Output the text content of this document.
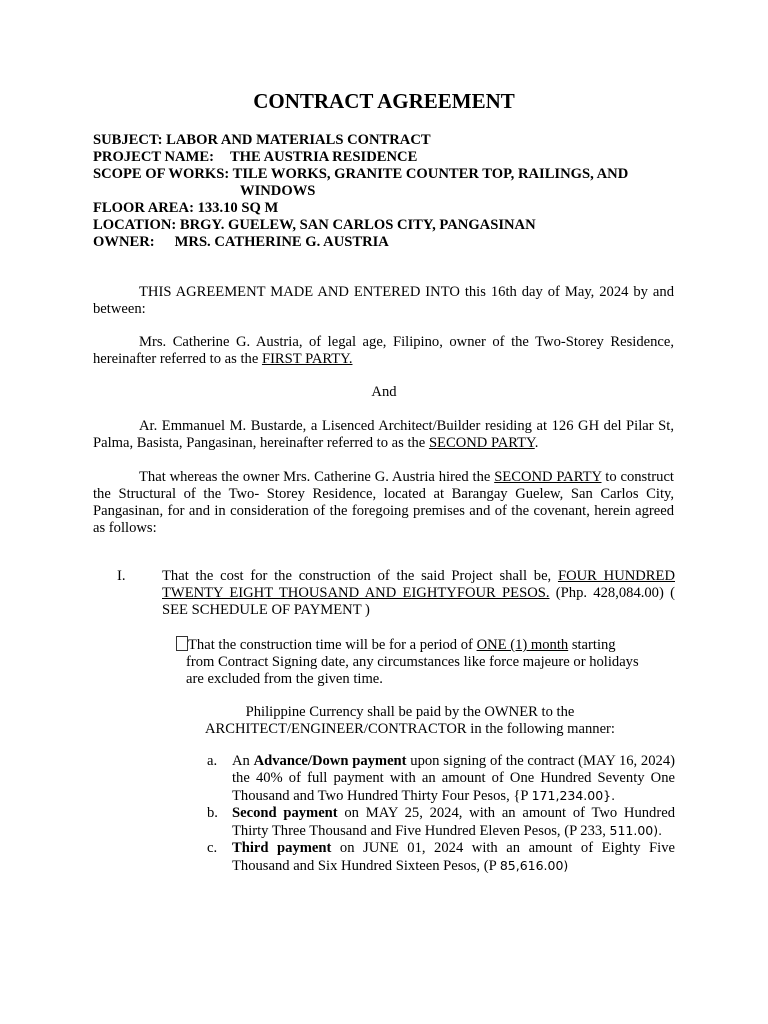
CONTRACT AGREEMENT
SUBJECT: LABOR AND MATERIALS CONTRACT
PROJECT NAME: THE AUSTRIA RESIDENCE
SCOPE OF WORKS: TILE WORKS, GRANITE COUNTER TOP, RAILINGS, AND
WINDOWS
FLOOR AREA: 133.10 SQ M
LOCATION: BRGY. GUELEW, SAN CARLOS CITY, PANGASINAN
OWNER: MRS. CATHERINE G. AUSTRIA
THIS AGREEMENT MADE AND ENTERED INTO this 16th day of May, 2024 by and between:
Mrs. Catherine G. Austria, of legal age, Filipino, owner of the Two-Storey Residence, hereinafter referred to as the FIRST PARTY.
And
Ar. Emmanuel M. Bustarde, a Lisenced Architect/Builder residing at 126 GH del Pilar St, Palma, Basista, Pangasinan, hereinafter referred to as the SECOND PARTY.
That whereas the owner Mrs. Catherine G. Austria hired the SECOND PARTY to construct the Structural of the Two- Storey Residence, located at Barangay Guelew, San Carlos City, Pangasinan, for and in consideration of the foregoing premises and of the covenant, herein agreed as follows:
I. That the cost for the construction of the said Project shall be, FOUR HUNDRED TWENTY EIGHT THOUSAND AND EIGHTYFOUR PESOS. (Php. 428,084.00) ( SEE SCHEDULE OF PAYMENT )
That the construction time will be for a period of ONE (1) month starting
from Contract Signing date, any circumstances like force majeure or holidays
are excluded from the given time.
Philippine Currency shall be paid by the OWNER to the
ARCHITECT/ENGINEER/CONTRACTOR in the following manner:
a. An Advance/Down payment upon signing of the contract (MAY 16, 2024) the 40% of full payment with an amount of One Hundred Seventy One Thousand and Two Hundred Thirty Four Pesos, {P 171,234.00}.
b. Second payment on MAY 25, 2024, with an amount of Two Hundred Thirty Three Thousand and Five Hundred Eleven Pesos, (P 233, 511.00).
c. Third payment on JUNE 01, 2024 with an amount of Eighty Five Thousand and Six Hundred Sixteen Pesos, (P 85,616.00)
